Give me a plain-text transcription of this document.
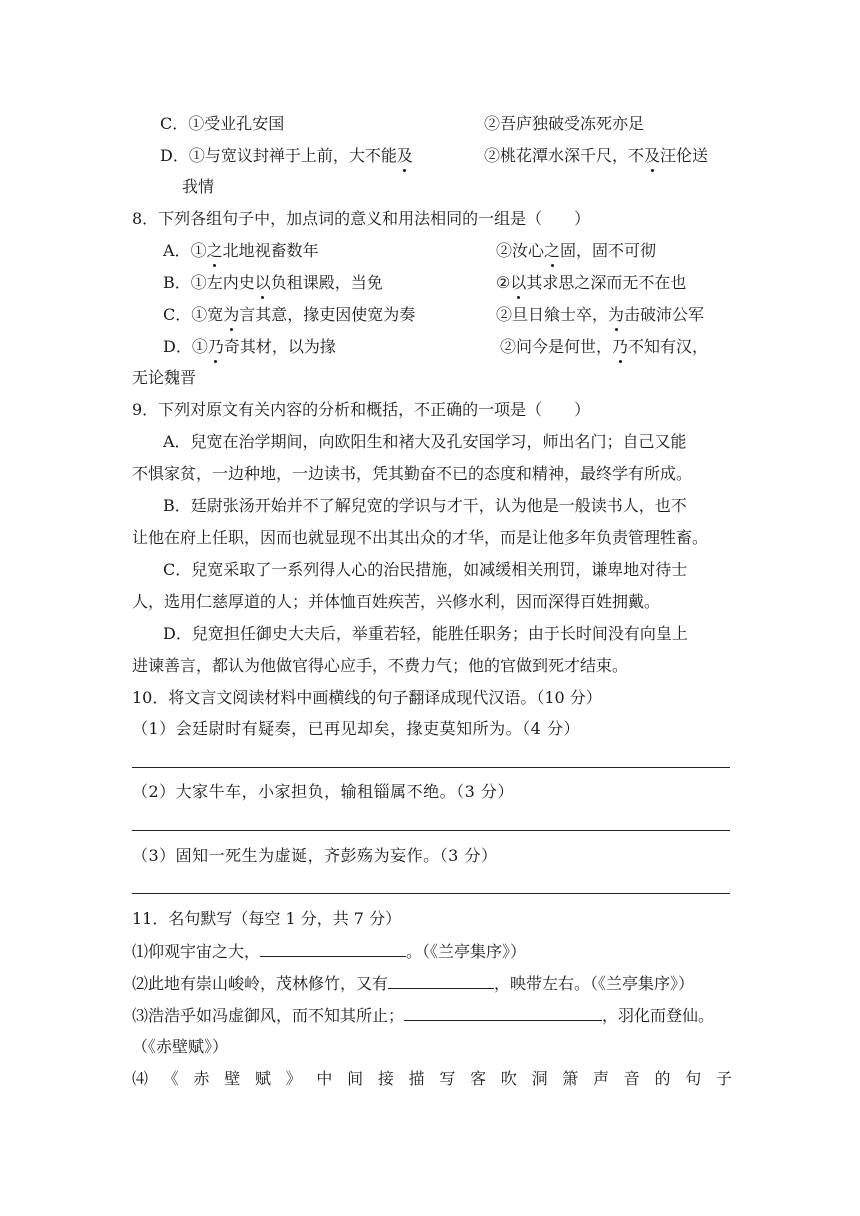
C．①受业孔安国	②吾庐独破受冻死亦足
D．①与宽议封禅于上前，大不能及	②桃花潭水深千尺，不及汪伦送
我情
8．下列各组句子中，加点词的意义和用法相同的一组是（　　）
A．①之北地视畜数年	②汝心之固，固不可彻
B．①左内史以负租课殿，当免	②以其求思之深而无不在也
C．①宽为言其意，掾吏因使宽为奏	②旦日飨士卒，为击破沛公军
D．①乃奇其材，以为掾	②问今是何世，乃不知有汉，
无论魏晋
9．下列对原文有关内容的分析和概括，不正确的一项是（　　）
A．兒宽在治学期间，向欧阳生和褚大及孔安国学习，师出名门；自己又能
不惧家贫，一边种地，一边读书，凭其勤奋不已的态度和精神，最终学有所成。
B．廷尉张汤开始并不了解兒宽的学识与才干，认为他是一般读书人，也不
让他在府上任职，因而也就显现不出其出众的才华，而是让他多年负责管理牲畜。
C．兒宽采取了一系列得人心的治民措施，如减缓相关刑罚，谦卑地对待士
人，选用仁慈厚道的人；并体恤百姓疾苦，兴修水利，因而深得百姓拥戴。
D．兒宽担任御史大夫后，举重若轻，能胜任职务；由于长时间没有向皇上
进谏善言，都认为他做官得心应手，不费力气；他的官做到死才结束。
10．将文言文阅读材料中画横线的句子翻译成现代汉语。（10 分）
（1）会廷尉时有疑奏，已再见却矣，掾吏莫知所为。（4 分）
（2）大家牛车，小家担负，输租锱属不绝。（3 分）
（3）固知一死生为虚诞，齐彭殇为妄作。（3 分）
11．名句默写（每空 1 分，共 7 分）
⑴仰观宇宙之大，	。（《兰亭集序》）
⑵此地有崇山峻岭，茂林修竹，又有	，映带左右。（《兰亭集序》）
⑶浩浩乎如冯虚御风，而不知其所止；	，羽化而登仙。
（《赤壁赋》）
⑷《赤壁赋》中间接描写客吹洞箫声音的句子
